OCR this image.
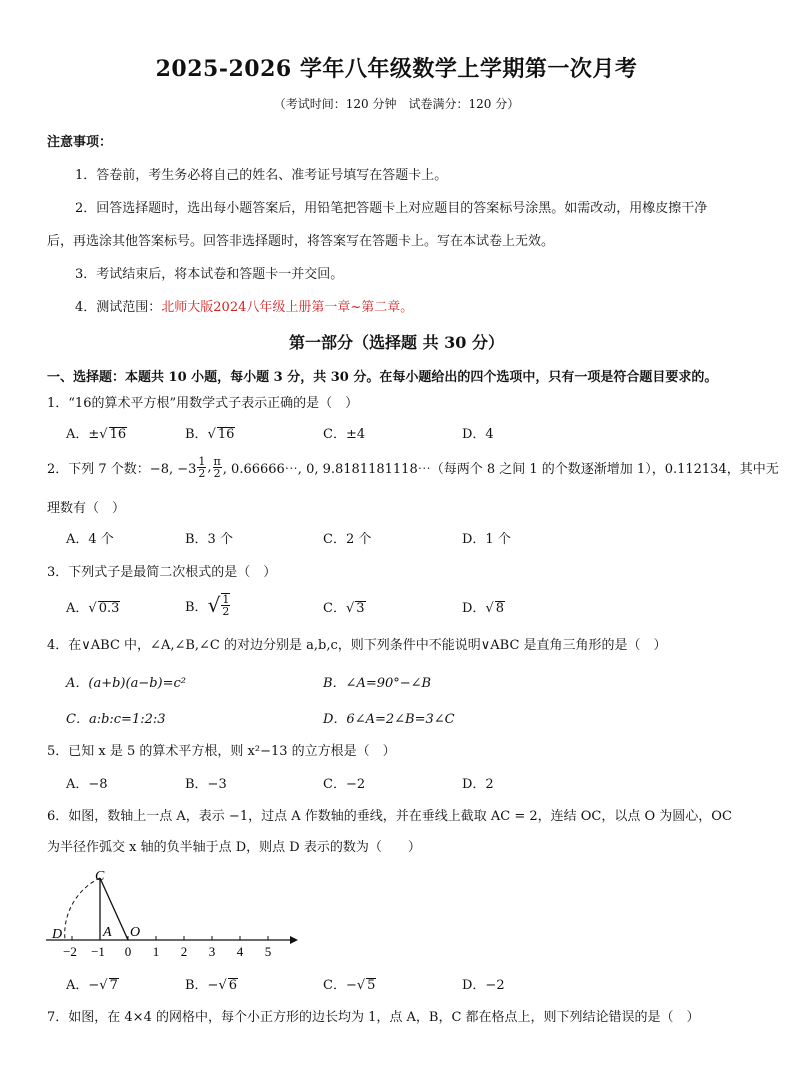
2025-2026 学年八年级数学上学期第一次月考
（考试时间：120 分钟　试卷满分：120 分）
注意事项：
1．答卷前，考生务必将自己的姓名、准考证号填写在答题卡上。
2．回答选择题时，选出每小题答案后，用铅笔把答题卡上对应题目的答案标号涂黑。如需改动，用橡皮擦干净
后，再选涂其他答案标号。回答非选择题时，将答案写在答题卡上。写在本试卷上无效。
3．考试结束后，将本试卷和答题卡一并交回。
4．测试范围：北师大版2024八年级上册第一章~第二章。
第一部分（选择题 共 30 分）
一、选择题：本题共 10 小题，每小题 3 分，共 30 分。在每小题给出的四个选项中，只有一项是符合题目要求的。
1．“16的算术平方根”用数学式子表示正确的是（　）
A．±√ 16	B．√ 16	C．±4	D．4
2．下列 7 个数：−8, $-3 \frac{1}{2}$ , $\frac{\pi}{2}$ , 0.66666⋯, 0, 9.8181181118⋯（每两个 8 之间 1 的个数逐渐增加 1），0.112134，其中无
理数有（　）
A．4 个	B．3 个	C．2 个	D．1 个
3．下列式子是最简二次根式的是（　）
A．√ 0.3	B． √ $\frac{1}{2}$	C．√ 3	D．√ 8
4．在∨ABC 中，∠A,∠B,∠C 的对边分别是 a,b,c，则下列条件中不能说明∨ABC 是直角三角形的是（　）
A．(a+b)(a−b)=c²	B．∠A=90°−∠B
C．a:b:c=1:2:3	D．6∠A=2∠B=3∠C
5．已知 x 是 5 的算术平方根，则 x²−13 的立方根是（　）
A．−8	B．−3	C．−2	D．2
6．如图，数轴上一点 A，表示 −1，过点 A 作数轴的垂线，并在垂线上截取 AC = 2，连结 OC，以点 O 为圆心，OC
为半径作弧交 x 轴的负半轴于点 D，则点 D 表示的数为（　　）
C
D	A O
−2 −1 0 1 2 3 4 5
A．−√ 7	B．−√ 6	C．−√ 5	D．−2
7．如图，在 4×4 的网格中，每个小正方形的边长均为 1，点 A，B，C 都在格点上，则下列结论错误的是（　）
